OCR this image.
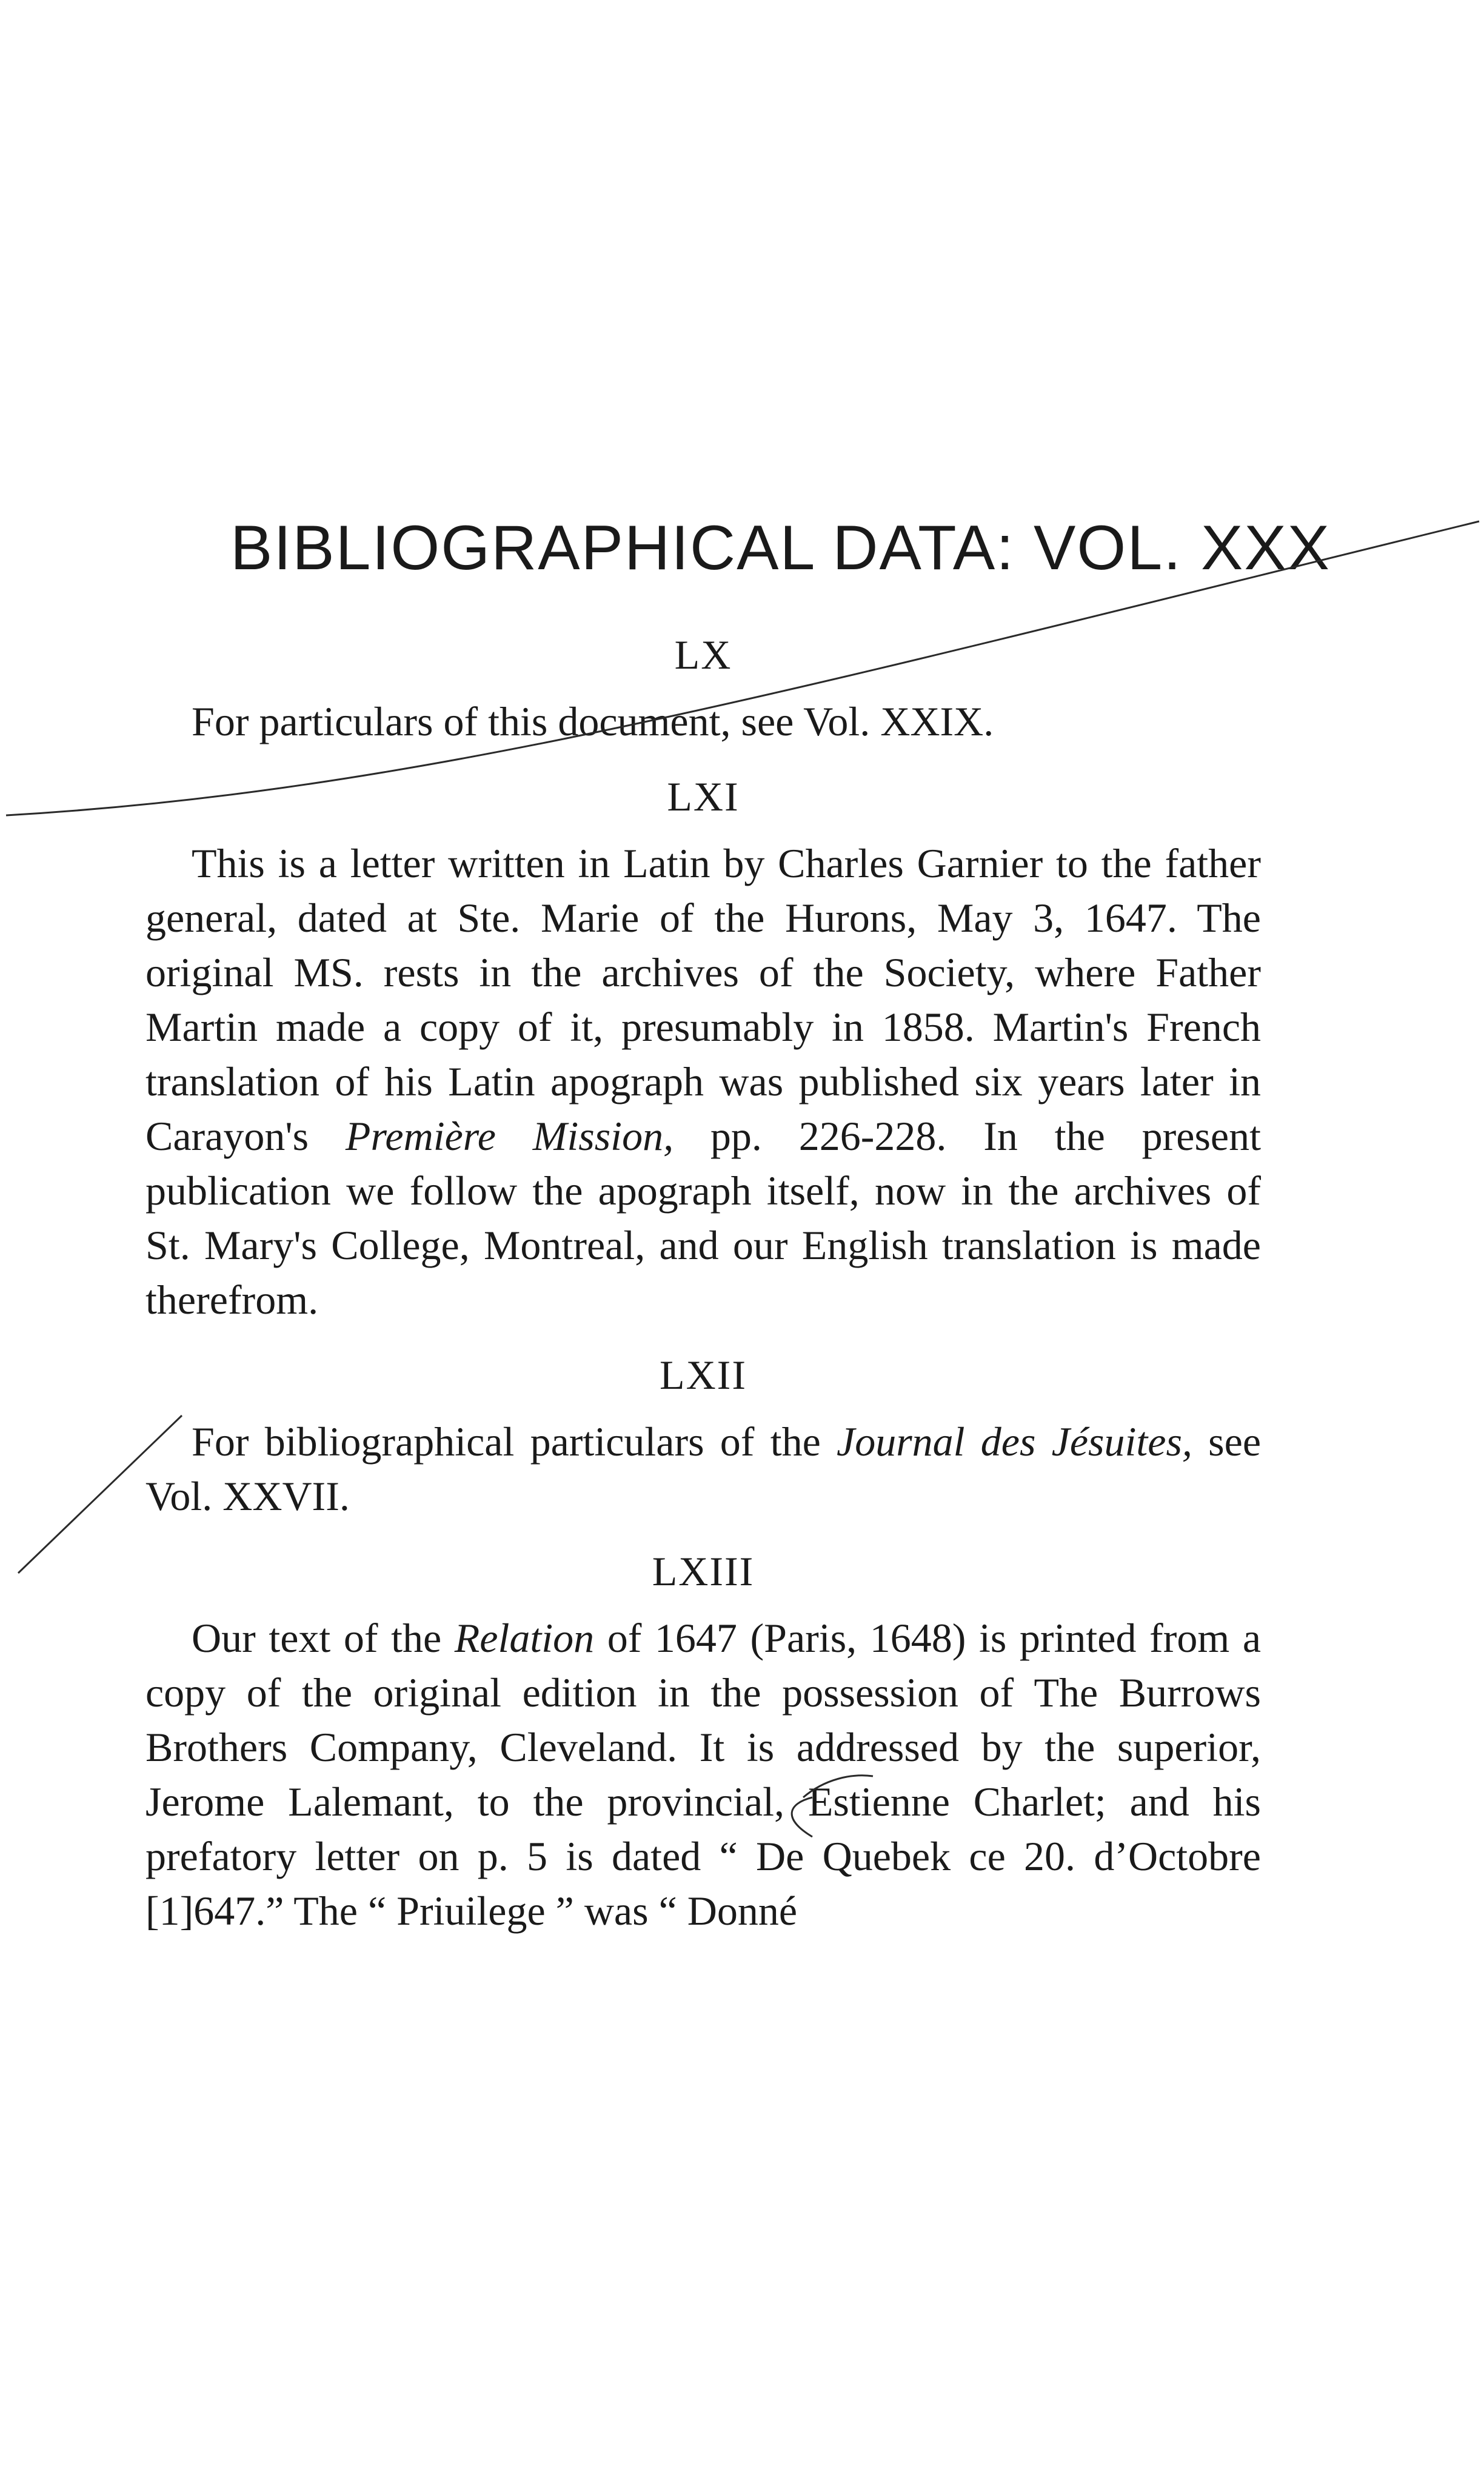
BIBLIOGRAPHICAL DATA: VOL. XXX
LX

For particulars of this document, see Vol. XXIX.

LXI

This is a letter written in Latin by Charles Garnier to the father general, dated at Ste. Marie of the Hurons, May 3, 1647. The original MS. rests in the archives of the Society, where Father Martin made a copy of it, presumably in 1858. Martin's French translation of his Latin apograph was published six years later in Carayon's Première Mission, pp. 226-228. In the present publication we follow the apograph itself, now in the archives of St. Mary's College, Montreal, and our English translation is made therefrom.

LXII

For bibliographical particulars of the Journal des Jésuites, see Vol. XXVII.

LXIII

Our text of the Relation of 1647 (Paris, 1648) is printed from a copy of the original edition in the possession of The Burrows Brothers Company, Cleveland. It is addressed by the superior, Jerome Lalemant, to the provincial, Estienne Charlet; and his prefatory letter on p. 5 is dated “ De Quebek ce 20. d’Octobre [1]647.” The “ Priuilege ” was “ Donné
